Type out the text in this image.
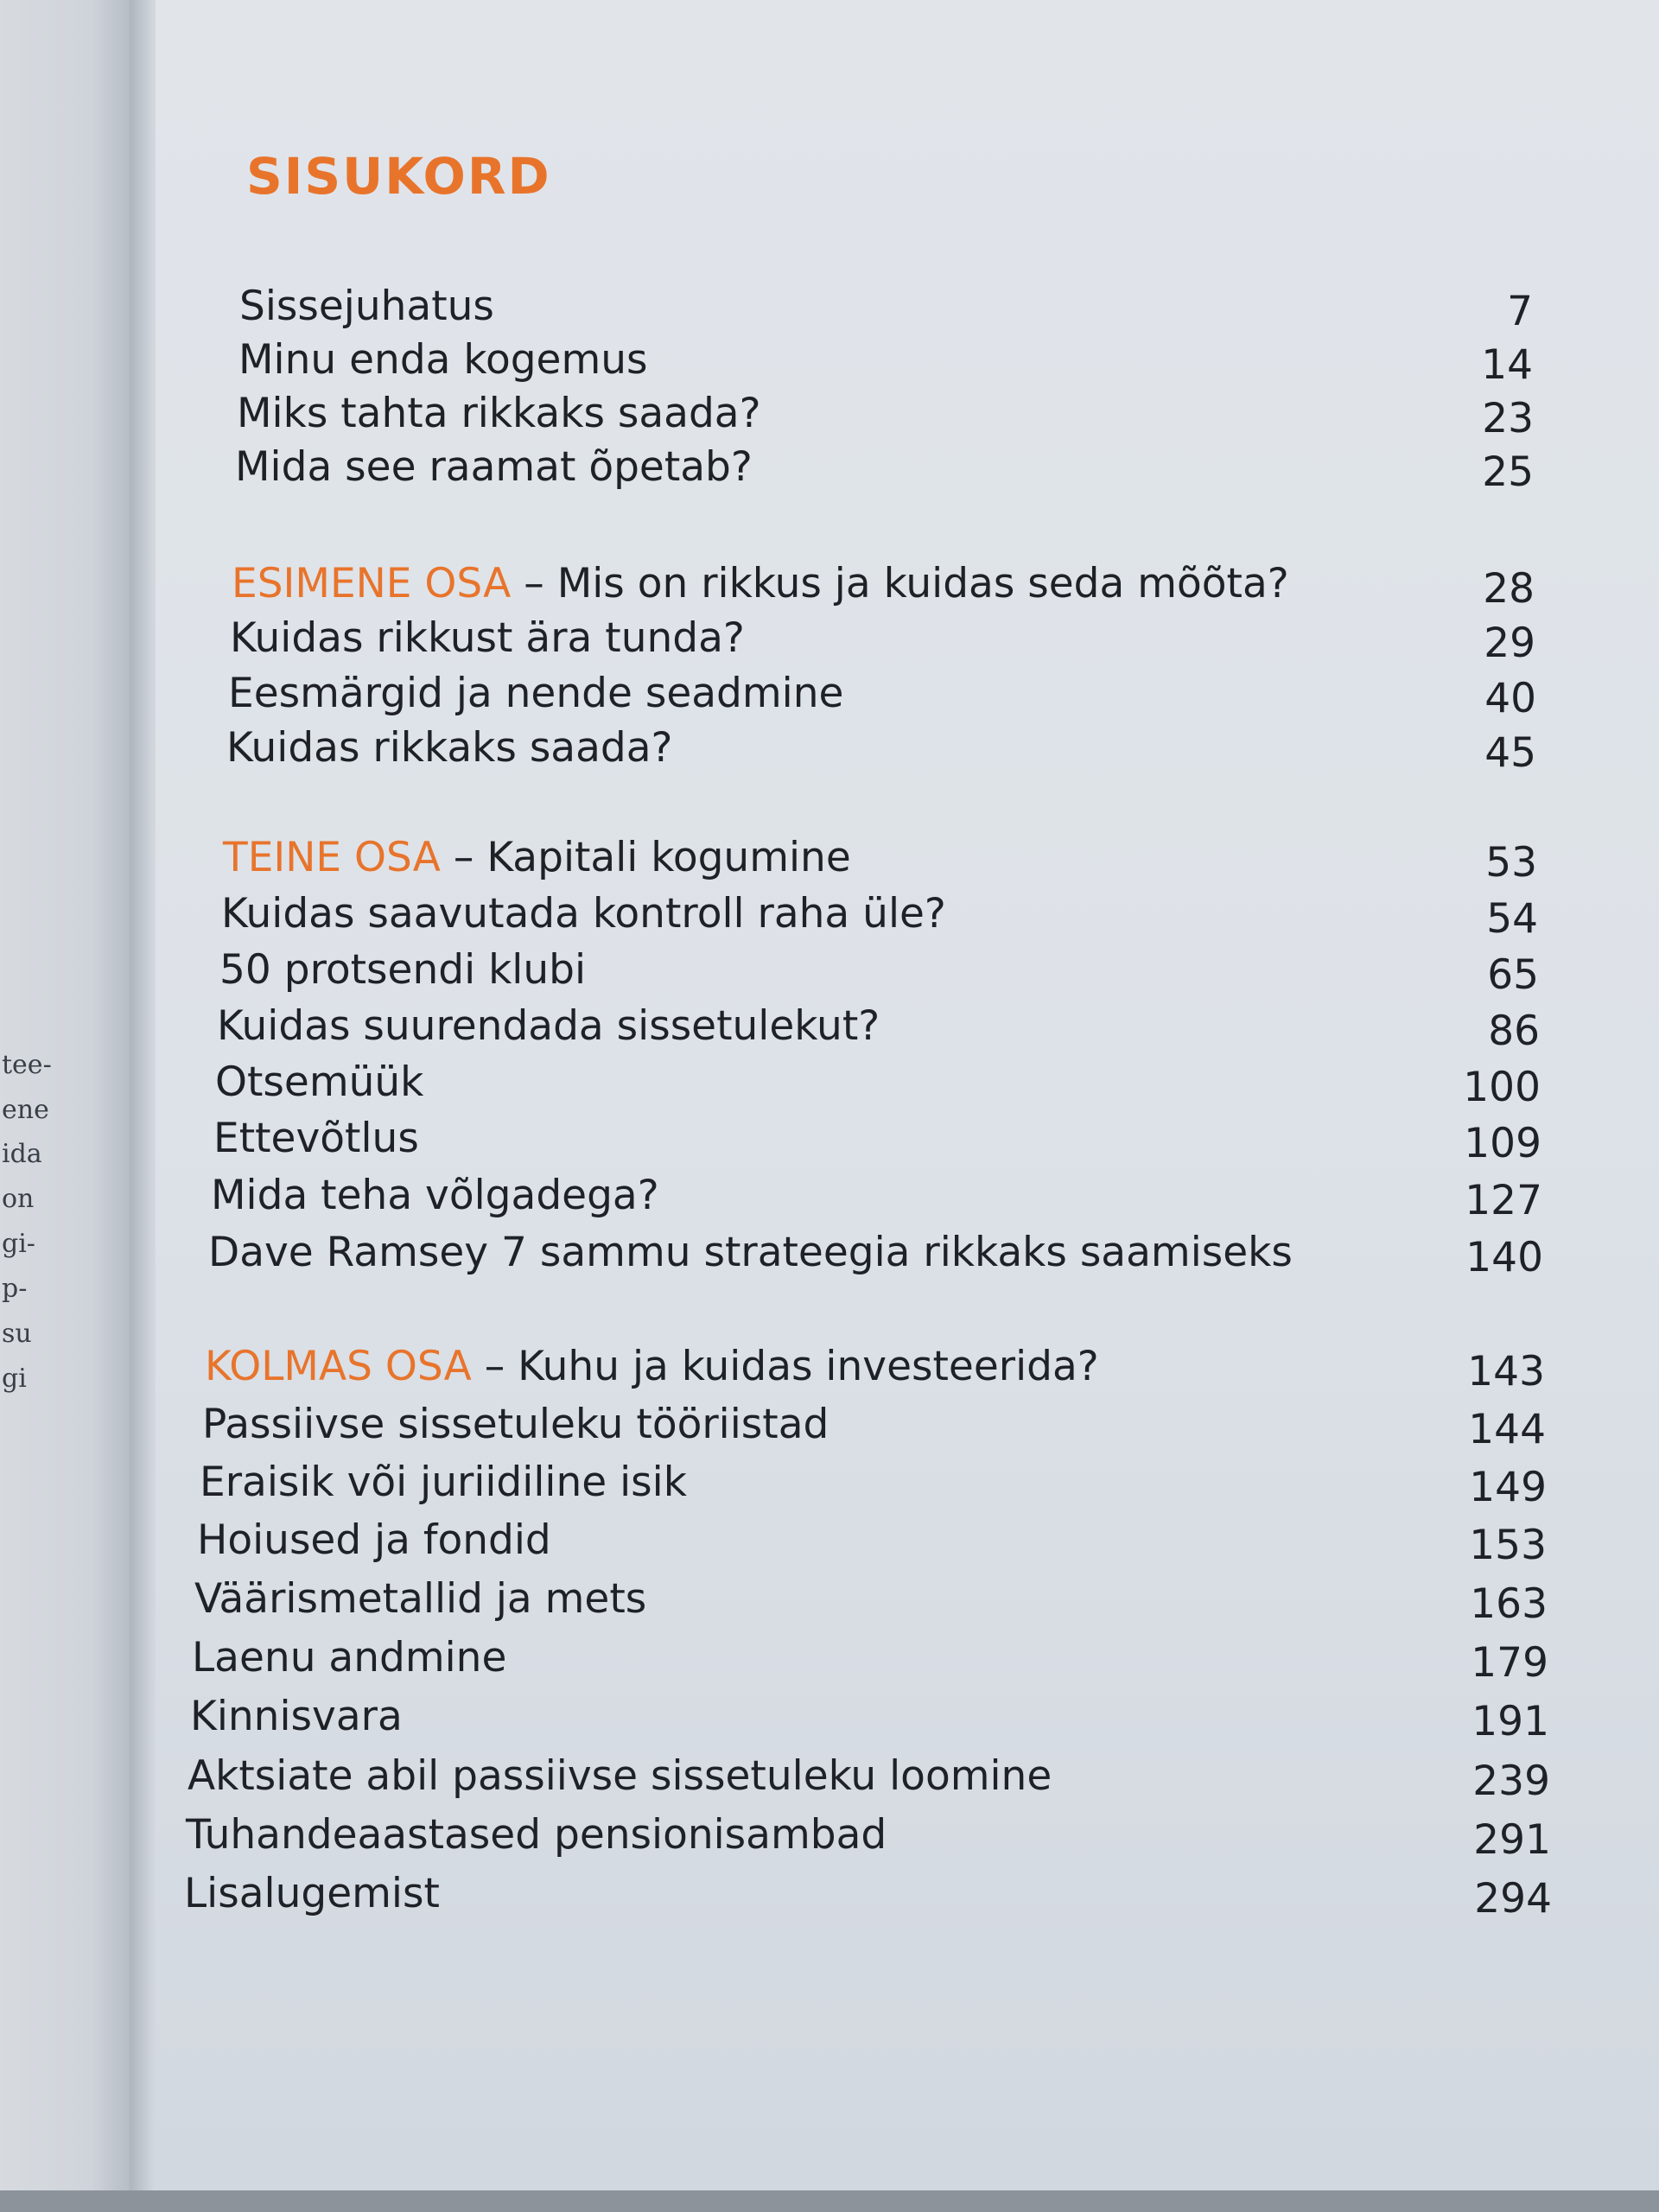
tee-
ene
ida
on
gi-
p-
su
gi
SISUKORD
Sissejuhatus	7
Minu enda kogemus	14
Miks tahta rikkaks saada?	23
Mida see raamat õpetab?	25
ESIMENE OSA – Mis on rikkus ja kuidas seda mõõta?	28
Kuidas rikkust ära tunda?	29
Eesmärgid ja nende seadmine	40
Kuidas rikkaks saada?	45
TEINE OSA – Kapitali kogumine	53
Kuidas saavutada kontroll raha üle?	54
50 protsendi klubi	65
Kuidas suurendada sissetulekut?	86
Otsemüük	100
Ettevõtlus	109
Mida teha võlgadega?	127
Dave Ramsey 7 sammu strateegia rikkaks saamiseks	140
KOLMAS OSA – Kuhu ja kuidas investeerida?	143
Passiivse sissetuleku tööriistad	144
Eraisik või juriidiline isik	149
Hoiused ja fondid	153
Väärismetallid ja mets	163
Laenu andmine	179
Kinnisvara	191
Aktsiate abil passiivse sissetuleku loomine	239
Tuhandeaastased pensionisambad	291
Lisalugemist	294
